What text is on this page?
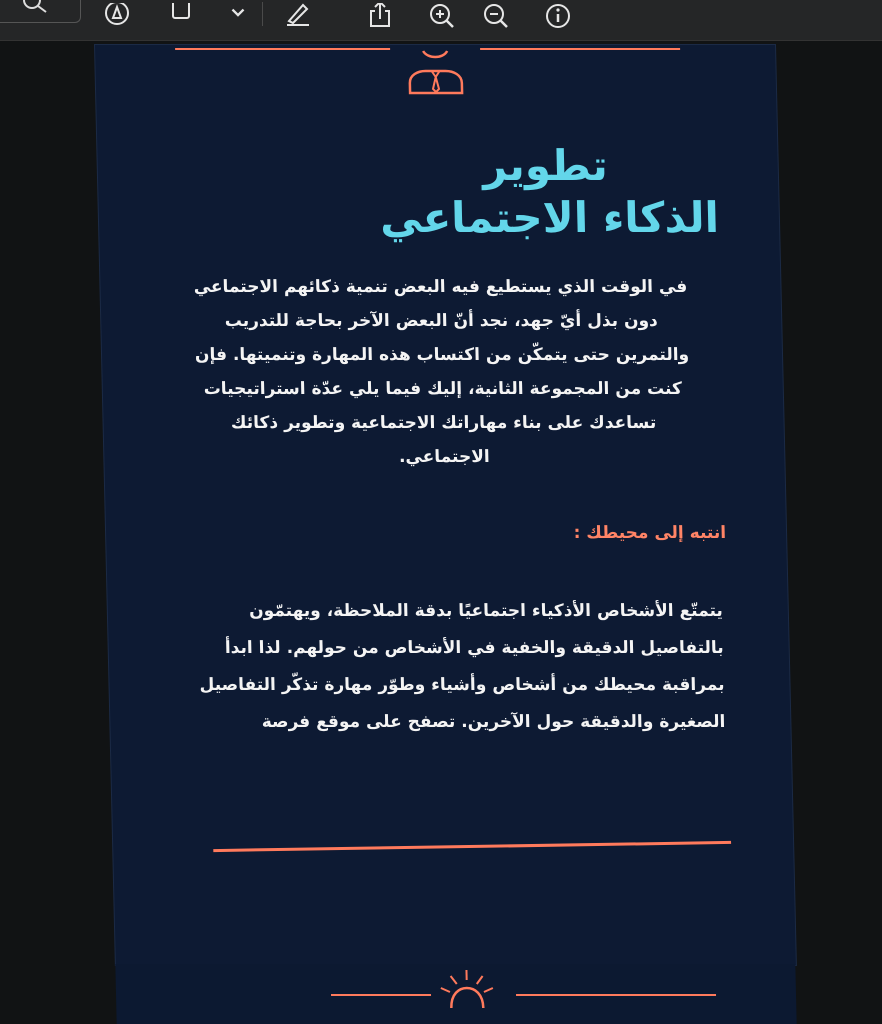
تطوير
الذكاء الاجتماعي
في الوقت الذي يستطيع فيه البعض تنمية ذكائهم الاجتماعي دون بذل أيّ جهد، نجد أنّ البعض الآخر بحاجة للتدريب والتمرين حتى يتمكّن من اكتساب هذه المهارة وتنميتها. فإن كنت من المجموعة الثانية، إليك فيما يلي عدّة استراتيجيات تساعدك على بناء مهاراتك الاجتماعية وتطوير ذكائك الاجتماعي.
انتبه إلى محيطك :
يتمتّع الأشخاص الأذكياء اجتماعيًا بدقة الملاحظة، ويهتمّون بالتفاصيل الدقيقة والخفية في الأشخاص من حولهم. لذا ابدأ بمراقبة محيطك من أشخاص وأشياء وطوّر مهارة تذكّر التفاصيل الصغيرة والدقيقة حول الآخرين. تصفح على موقع فرصة
